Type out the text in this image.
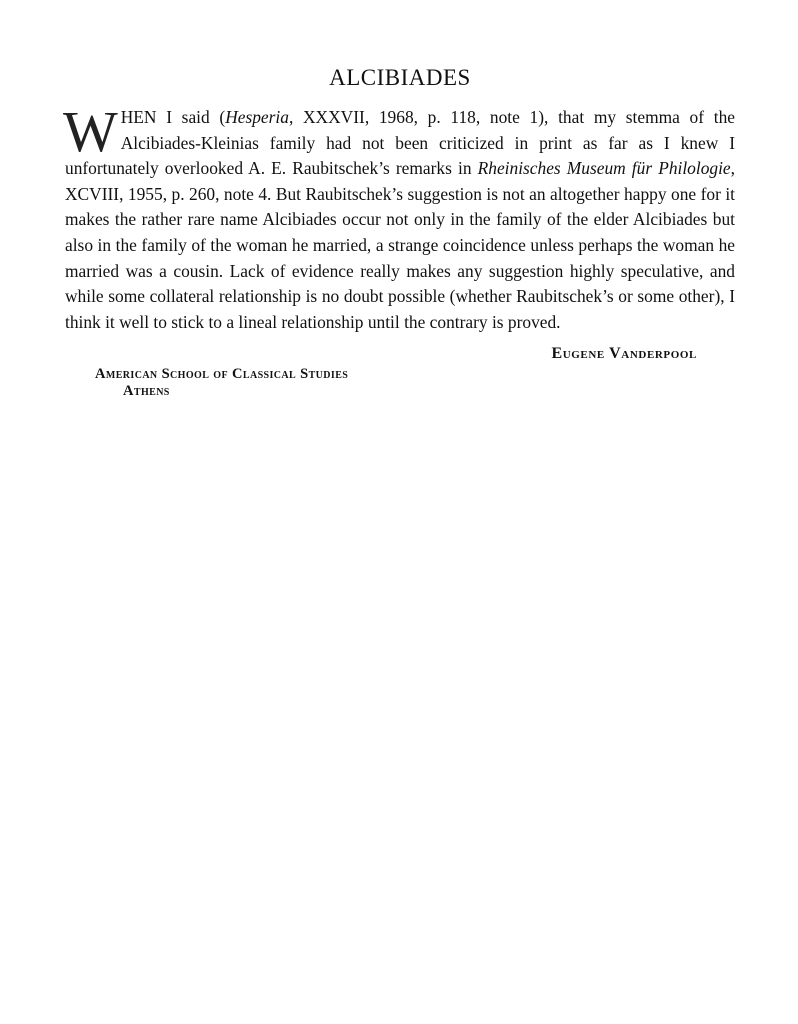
ALCIBIADES

WHEN I said (Hesperia, XXXVII, 1968, p. 118, note 1), that my stemma of the Alcibiades-Kleinias family had not been criticized in print as far as I knew I unfortunately overlooked A. E. Raubitschek’s remarks in Rheinisches Museum für Philologie, XCVIII, 1955, p. 260, note 4. But Raubitschek’s suggestion is not an altogether happy one for it makes the rather rare name Alcibiades occur not only in the family of the elder Alcibiades but also in the family of the woman he married, a strange coincidence unless perhaps the woman he married was a cousin. Lack of evidence really makes any suggestion highly speculative, and while some collateral relationship is no doubt possible (whether Raubitschek’s or some other), I think it well to stick to a lineal relationship until the contrary is proved.

Eugene Vanderpool
American School of Classical Studies
Athens
